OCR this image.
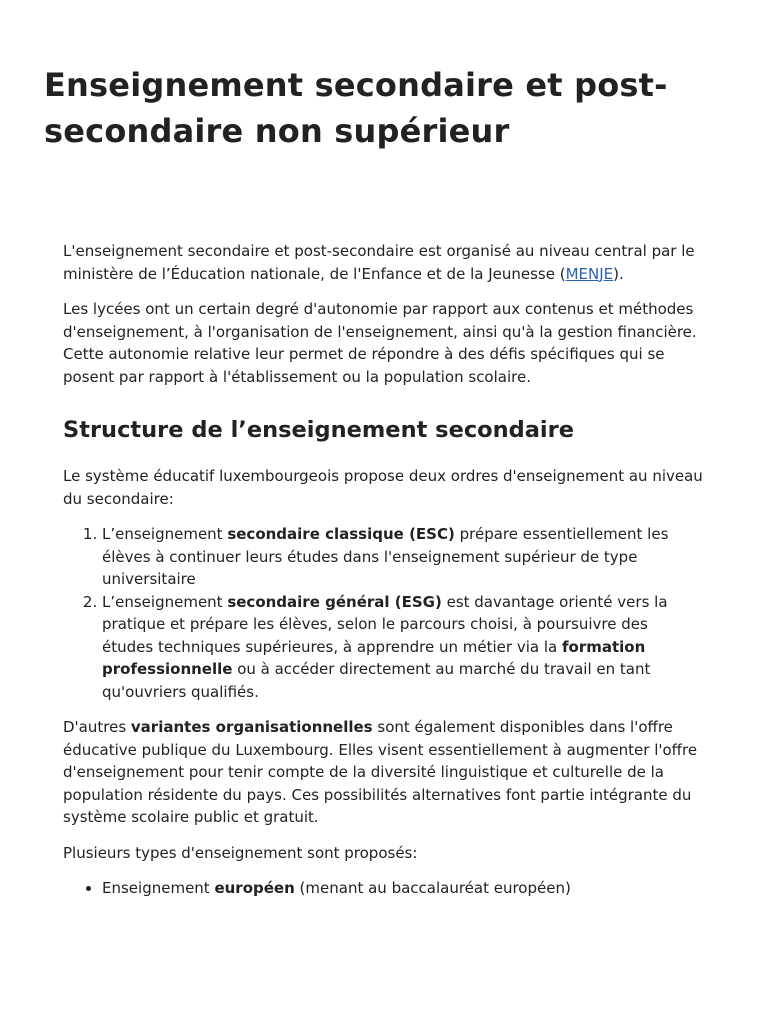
Enseignement secondaire et post-secondaire non supérieur

L'enseignement secondaire et post-secondaire est organisé au niveau central par le ministère de l’Éducation nationale, de l'Enfance et de la Jeunesse (MENJE).

Les lycées ont un certain degré d'autonomie par rapport aux contenus et méthodes d'enseignement, à l'organisation de l'enseignement, ainsi qu'à la gestion financière. Cette autonomie relative leur permet de répondre à des défis spécifiques qui se posent par rapport à l'établissement ou la population scolaire.

Structure de l’enseignement secondaire

Le système éducatif luxembourgeois propose deux ordres d'enseignement au niveau du secondaire:

1. L’enseignement secondaire classique (ESC) prépare essentiellement les élèves à continuer leurs études dans l'enseignement supérieur de type universitaire
2. L’enseignement secondaire général (ESG) est davantage orienté vers la pratique et prépare les élèves, selon le parcours choisi, à poursuivre des études techniques supérieures, à apprendre un métier via la formation professionnelle ou à accéder directement au marché du travail en tant qu'ouvriers qualifiés.

D'autres variantes organisationnelles sont également disponibles dans l'offre éducative publique du Luxembourg. Elles visent essentiellement à augmenter l'offre d'enseignement pour tenir compte de la diversité linguistique et culturelle de la population résidente du pays. Ces possibilités alternatives font partie intégrante du système scolaire public et gratuit.

Plusieurs types d'enseignement sont proposés:

• Enseignement européen (menant au baccalauréat européen)
